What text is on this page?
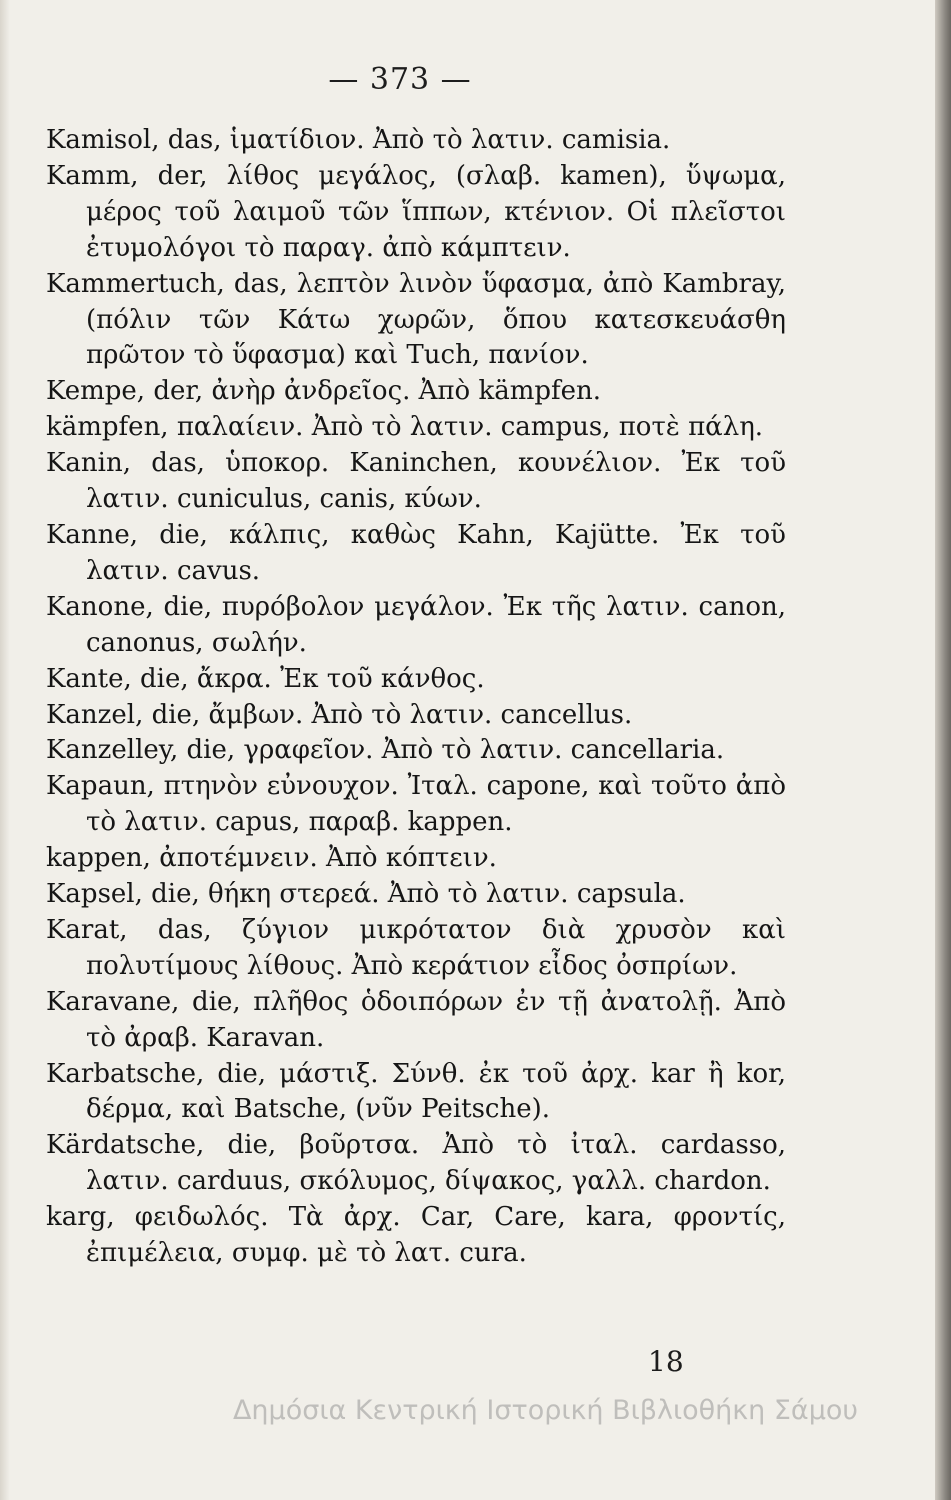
— 373 —

Kamisol, das, ἱματίδιον. Ἀπὸ τὸ λατιν. camisia.

Kamm, der, λίθος μεγάλος, (σλαβ. kamen), ὕψωμα, μέρος τοῦ λαιμοῦ τῶν ἵππων, κτένιον. Οἱ πλεῖστοι ἐτυμολόγοι τὸ παραγ. ἀπὸ κάμπτειν.

Kammertuch, das, λεπτὸν λινὸν ὕφασμα, ἀπὸ Kambray, (πόλιν τῶν Κάτω χωρῶν, ὅπου κατεσκευάσθη πρῶτον τὸ ὕφασμα) καὶ Tuch, πανίον.

Kempe, der, ἀνὴρ ἀνδρεῖος. Ἀπὸ kämpfen.

kämpfen, παλαίειν. Ἀπὸ τὸ λατιν. campus, ποτὲ πάλη.

Kanin, das, ὑποκορ. Kaninchen, κουνέλιον. Ἐκ τοῦ λατιν. cuniculus, canis, κύων.

Kanne, die, κάλπις, καθὼς Kahn, Kajütte. Ἐκ τοῦ λατιν. cavus.

Kanone, die, πυρόβολον μεγάλον. Ἐκ τῆς λατιν. canon, canonus, σωλήν.

Kante, die, ἄκρα. Ἐκ τοῦ κάνθος.

Kanzel, die, ἄμβων. Ἀπὸ τὸ λατιν. cancellus.

Kanzelley, die, γραφεῖον. Ἀπὸ τὸ λατιν. cancellaria.

Kapaun, πτηνὸν εὐνουχον. Ἰταλ. capone, καὶ τοῦτο ἀπὸ τὸ λατιν. capus, παραβ. kappen.

kappen, ἀποτέμνειν. Ἀπὸ κόπτειν.

Kapsel, die, θήκη στερεά. Ἀπὸ τὸ λατιν. capsula.

Karat, das, ζύγιον μικρότατον διὰ χρυσὸν καὶ πολυτίμους λίθους. Ἀπὸ κεράτιον εἶδος ὀσπρίων.

Karavane, die, πλῆθος ὁδοιπόρων ἐν τῇ ἀνατολῇ. Ἀπὸ τὸ ἀραβ. Karavan.

Karbatsche, die, μάστιξ. Σύνθ. ἐκ τοῦ ἀρχ. kar ἢ kor, δέρμα, καὶ Batsche, (νῦν Peitsche).

Kärdatsche, die, βοῦρτσα. Ἀπὸ τὸ ἰταλ. cardasso, λατιν. carduus, σκόλυμος, δίψακος, γαλλ. chardon.

karg, φειδωλός. Τὰ ἀρχ. Car, Care, kara, φροντίς, ἐπιμέλεια, συμφ. μὲ τὸ λατ. cura.

18
Δημόσια Κεντρική Ιστορική Βιβλιοθήκη Σάμου
